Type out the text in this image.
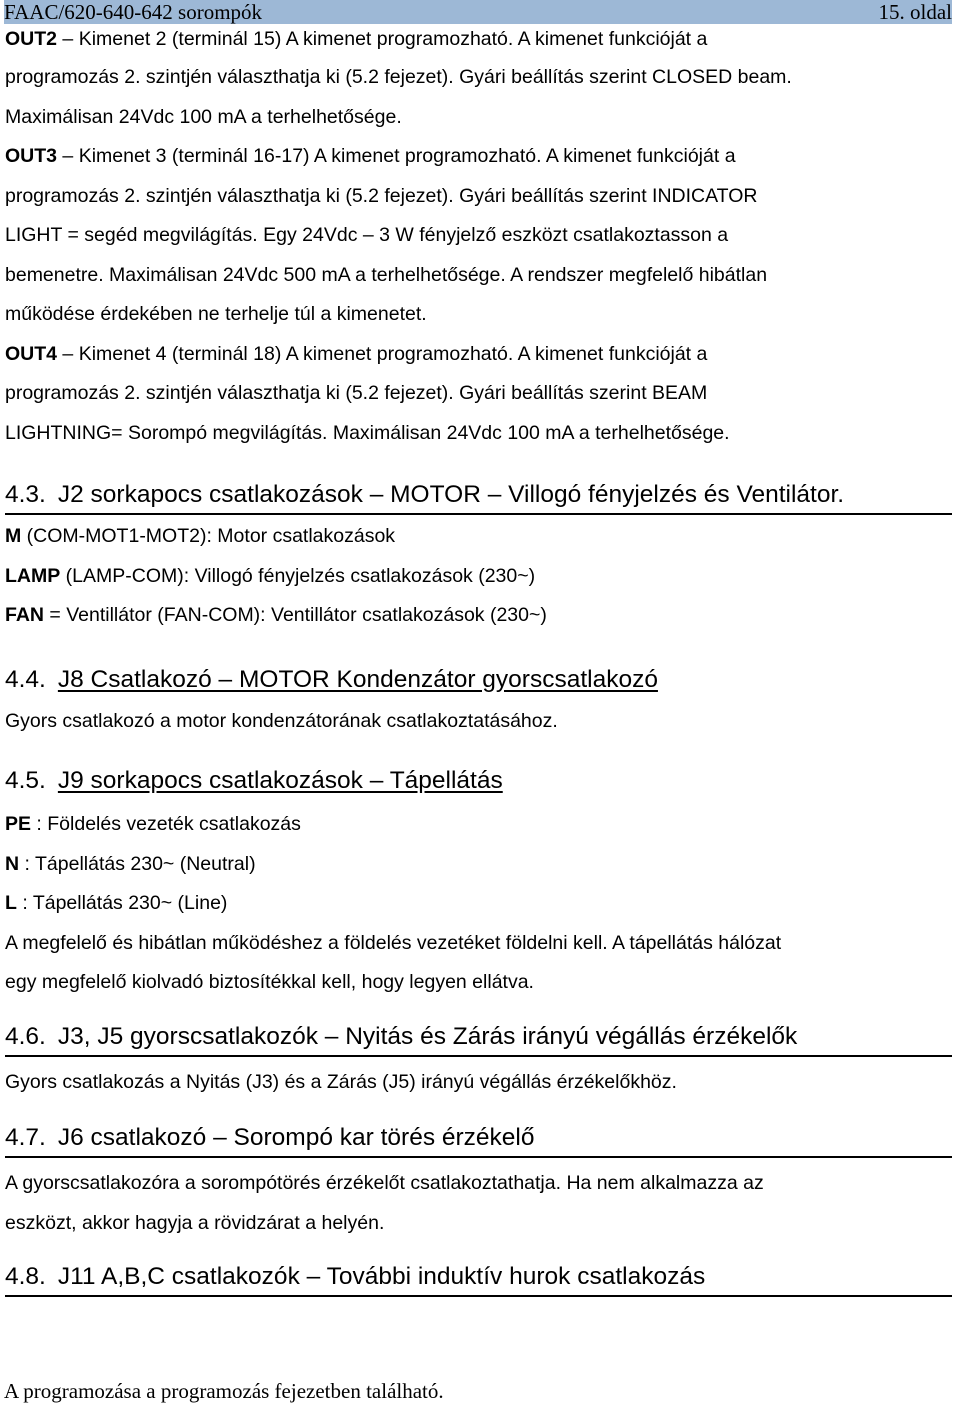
FAAC/620-640-642 sorompók	15. oldal

OUT2 – Kimenet 2 (terminál 15) A kimenet programozható. A kimenet funkcióját a

programozás 2. szintjén választhatja ki (5.2 fejezet). Gyári beállítás szerint CLOSED beam.

Maximálisan 24Vdc 100 mA a terhelhetősége.

OUT3 – Kimenet 3 (terminál 16-17) A kimenet programozható. A kimenet funkcióját a

programozás 2. szintjén választhatja ki (5.2 fejezet). Gyári beállítás szerint INDICATOR

LIGHT = segéd megvilágítás. Egy 24Vdc – 3 W fényjelző eszközt csatlakoztasson a

bemenetre. Maximálisan 24Vdc 500 mA a terhelhetősége. A rendszer megfelelő hibátlan

működése érdekében ne terhelje túl a kimenetet.

OUT4 – Kimenet 4 (terminál 18) A kimenet programozható. A kimenet funkcióját a

programozás 2. szintjén választhatja ki (5.2 fejezet). Gyári beállítás szerint BEAM

LIGHTNING= Sorompó megvilágítás. Maximálisan 24Vdc 100 mA a terhelhetősége.

4.3. J2 sorkapocs csatlakozások – MOTOR – Villogó fényjelzés és Ventilátor.

M (COM-MOT1-MOT2): Motor csatlakozások

LAMP (LAMP-COM): Villogó fényjelzés csatlakozások (230~)

FAN = Ventillátor (FAN-COM): Ventillátor csatlakozások (230~)

4.4. J8 Csatlakozó – MOTOR Kondenzátor gyorscsatlakozó

Gyors csatlakozó a motor kondenzátorának csatlakoztatásához.

4.5. J9 sorkapocs csatlakozások – Tápellátás

PE : Földelés vezeték csatlakozás

N : Tápellátás 230~ (Neutral)

L : Tápellátás 230~ (Line)

A megfelelő és hibátlan működéshez a földelés vezetéket földelni kell. A tápellátás hálózat

egy megfelelő kiolvadó biztosítékkal kell, hogy legyen ellátva.

4.6. J3, J5 gyorscsatlakozók – Nyitás és Zárás irányú végállás érzékelők

Gyors csatlakozás a Nyitás (J3) és a Zárás (J5) irányú végállás érzékelőkhöz.

4.7. J6 csatlakozó – Sorompó kar törés érzékelő

A gyorscsatlakozóra a sorompótörés érzékelőt csatlakoztathatja. Ha nem alkalmazza az

eszközt, akkor hagyja a rövidzárat a helyén.

4.8. J11 A,B,C csatlakozók – További induktív hurok csatlakozás
A programozása a programozás fejezetben található.
